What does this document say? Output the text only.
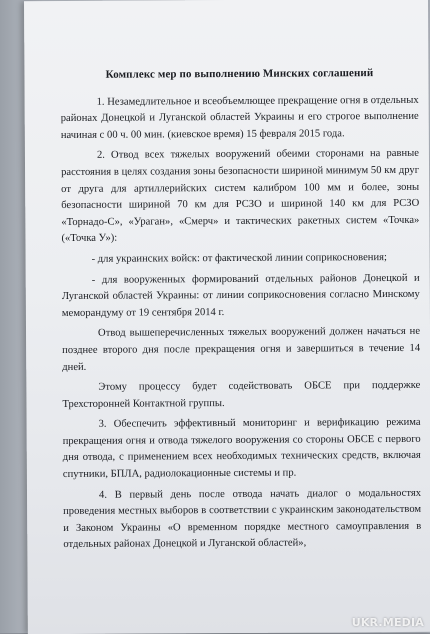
Комплекс мер по выполнению Минских соглашений
1. Незамедлительное и всеобъемлющее прекращение огня в отдельных районах Донецкой и Луганской областей Украины и его строгое выполнение начиная с 00 ч. 00 мин. (киевское время) 15 февраля 2015 года.
2. Отвод всех тяжелых вооружений обеими сторонами на равные расстояния в целях создания зоны безопасности шириной минимум 50 км друг от друга для артиллерийских систем калибром 100 мм и более, зоны безопасности шириной 70 км для РСЗО и шириной 140 км для РСЗО «Торнадо-С», «Ураган», «Смерч» и тактических ракетных систем «Точка» («Точка У»):
- для украинских войск: от фактической линии соприкосновения;
- для вооруженных формирований отдельных районов Донецкой и Луганской областей Украины: от линии соприкосновения согласно Минскому меморандуму от 19 сентября 2014 г.
Отвод вышеперечисленных тяжелых вооружений должен начаться не позднее второго дня после прекращения огня и завершиться в течение 14 дней.
Этому процессу будет содействовать ОБСЕ при поддержке Трехсторонней Контактной группы.
3. Обеспечить эффективный мониторинг и верификацию режима прекращения огня и отвода тяжелого вооружения со стороны ОБСЕ с первого дня отвода, с применением всех необходимых технических средств, включая спутники, БПЛА, радиолокационные системы и пр.
4. В первый день после отвода начать диалог о модальностях проведения местных выборов в соответствии с украинским законодательством и Законом Украины «О временном порядке местного самоуправления в отдельных районах Донецкой и Луганской областей»,
UKR.MEDIA
